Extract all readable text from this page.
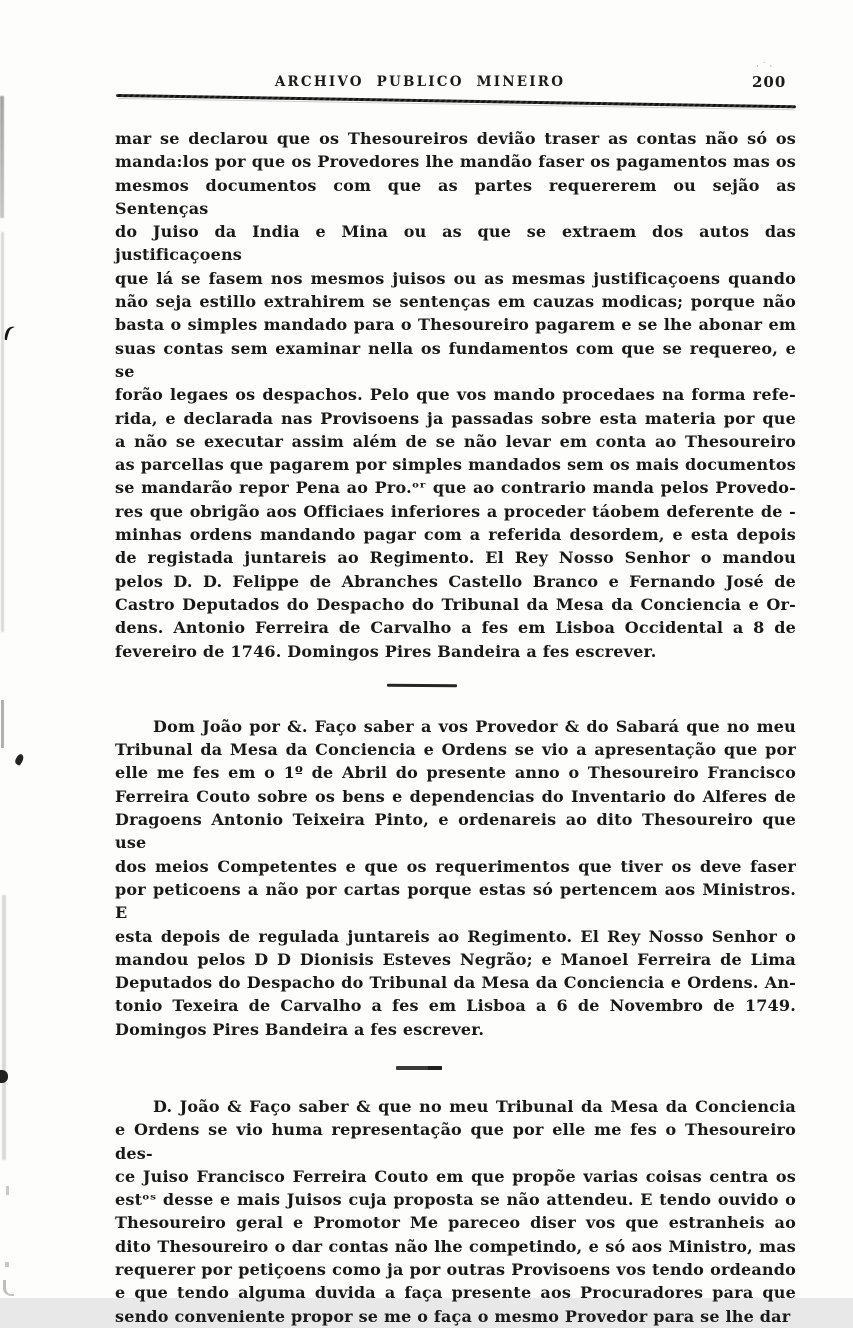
ARCHIVO PUBLICO MINEIRO	200
·˙·
mar se declarou que os Thesoureiros devião traser as contas não só os
manda:los por que os Provedores lhe mandão faser os pagamentos mas os
mesmos documentos com que as partes requererem ou sejão as Sentenças
do Juiso da India e Mina ou as que se extraem dos autos das justificaçoens
que lá se fasem nos mesmos juisos ou as mesmas justificaçoens quando
não seja estillo extrahirem se sentenças em cauzas modicas; porque não
basta o simples mandado para o Thesoureiro pagarem e se lhe abonar em
suas contas sem examinar nella os fundamentos com que se requereo, e se
forão legaes os despachos. Pelo que vos mando procedaes na forma refe-
rida, e declarada nas Provisoens ja passadas sobre esta materia por que
a não se executar assim além de se não levar em conta ao Thesoureiro
as parcellas que pagarem por simples mandados sem os mais documentos
se mandarão repor Pena ao Pro.ᵒʳ que ao contrario manda pelos Provedo-
res que obrigão aos Officiaes inferiores a proceder táobem deferente de -
minhas ordens mandando pagar com a referida desordem, e esta depois
de registada juntareis ao Regimento. El Rey Nosso Senhor o mandou
pelos D. D. Felippe de Abranches Castello Branco e Fernando José de
Castro Deputados do Despacho do Tribunal da Mesa da Conciencia e Or-
dens. Antonio Ferreira de Carvalho a fes em Lisboa Occidental a 8 de
fevereiro de 1746. Domingos Pires Bandeira a fes escrever.
Dom João por &. Faço saber a vos Provedor & do Sabará que no meu
Tribunal da Mesa da Conciencia e Ordens se vio a apresentação que por
elle me fes em o 1º de Abril do presente anno o Thesoureiro Francisco
Ferreira Couto sobre os bens e dependencias do Inventario do Alferes de
Dragoens Antonio Teixeira Pinto, e ordenareis ao dito Thesoureiro que use
dos meios Competentes e que os requerimentos que tiver os deve faser
por peticoens a não por cartas porque estas só pertencem aos Ministros. E
esta depois de regulada juntareis ao Regimento. El Rey Nosso Senhor o
mandou pelos D D Dionisis Esteves Negrão; e Manoel Ferreira de Lima
Deputados do Despacho do Tribunal da Mesa da Conciencia e Ordens. An-
tonio Texeira de Carvalho a fes em Lisboa a 6 de Novembro de 1749.
Domingos Pires Bandeira a fes escrever.
D. João & Faço saber & que no meu Tribunal da Mesa da Conciencia
e Ordens se vio huma representação que por elle me fes o Thesoureiro des-
ce Juiso Francisco Ferreira Couto em que propõe varias coisas centra os
estᵒˢ desse e mais Juisos cuja proposta se não attendeu. E tendo ouvido o
Thesoureiro geral e Promotor Me pareceo diser vos que estranheis ao
dito Thesoureiro o dar contas não lhe competindo, e só aos Ministro, mas
requerer por petiçoens como ja por outras Provisoens vos tendo ordeando
e que tendo alguma duvida a faça presente aos Procuradores para que
sendo conveniente propor se me o faça o mesmo Provedor para se lhe dar
